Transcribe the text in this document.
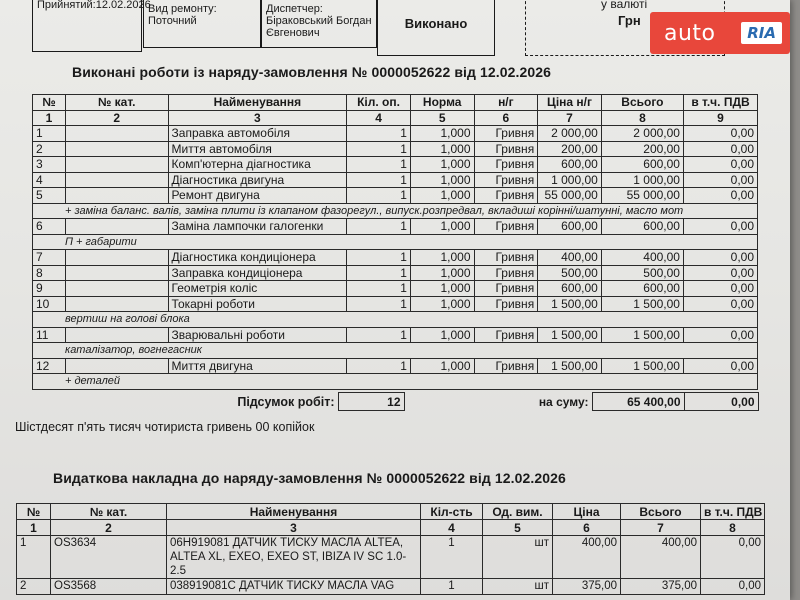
Прийнятий:12.02.2026
Вид ремонту:
Поточний
Диспетчер:
Біраковський Богдан Євгенович
Виконано
у валюті
Грн
Виконані роботи із наряду-замовлення № 0000052622 від 12.02.2026
№	№ кат.	Найменування	Кіл. оп.	Норма	н/г	Ціна н/г	Всього	в т.ч. ПДВ
1	2	3	4	5	6	7	8	9
1		Заправка автомобіля	1	1,000	Гривня	2 000,00	2 000,00	0,00
2		Миття автомобіля	1	1,000	Гривня	200,00	200,00	0,00
3		Комп'ютерна діагностика	1	1,000	Гривня	600,00	600,00	0,00
4		Діагностика двигуна	1	1,000	Гривня	1 000,00	1 000,00	0,00
5		Ремонт двигуна	1	1,000	Гривня	55 000,00	55 000,00	0,00
+ заміна баланс. валів, заміна плити із клапаном фазорегул., випуск.розпредвал, вкладиші корінні/шатунні, масло мот								
6		Заміна лампочки галогенки	1	1,000	Гривня	600,00	600,00	0,00
П + габарити								
7		Діагностика кондиціонера	1	1,000	Гривня	400,00	400,00	0,00
8		Заправка кондиціонера	1	1,000	Гривня	500,00	500,00	0,00
9		Геометрія коліс	1	1,000	Гривня	600,00	600,00	0,00
10		Токарні роботи	1	1,000	Гривня	1 500,00	1 500,00	0,00
вертиш на голові блока								
11		Зварювальні роботи	1	1,000	Гривня	1 500,00	1 500,00	0,00
каталізатор, вогнегасник								
12		Миття двигуна	1	1,000	Гривня	1 500,00	1 500,00	0,00
+ деталей								
Підсумок робіт:	12	на суму:	65 400,00	0,00
Шістдесят п'ять тисяч чотириста гривень 00 копійок
Видаткова накладна до наряду-замовлення № 0000052622 від 12.02.2026
№	№ кат.	Найменування	Кіл-сть	Од. вим.	Ціна	Всього	в т.ч. ПДВ
1	2	3	4	5	6	7	8
1	OS3634	06H919081 ДАТЧИК ТИСКУ МАСЛА ALTEA, ALTEA XL, EXEO, EXEO ST, IBIZA IV SC 1.0-2.5	1	шт	400,00	400,00	0,00
2	OS3568	038919081C ДАТЧИК ТИСКУ МАСЛА VAG	1	шт	375,00	375,00	0,00
auto	RIA
